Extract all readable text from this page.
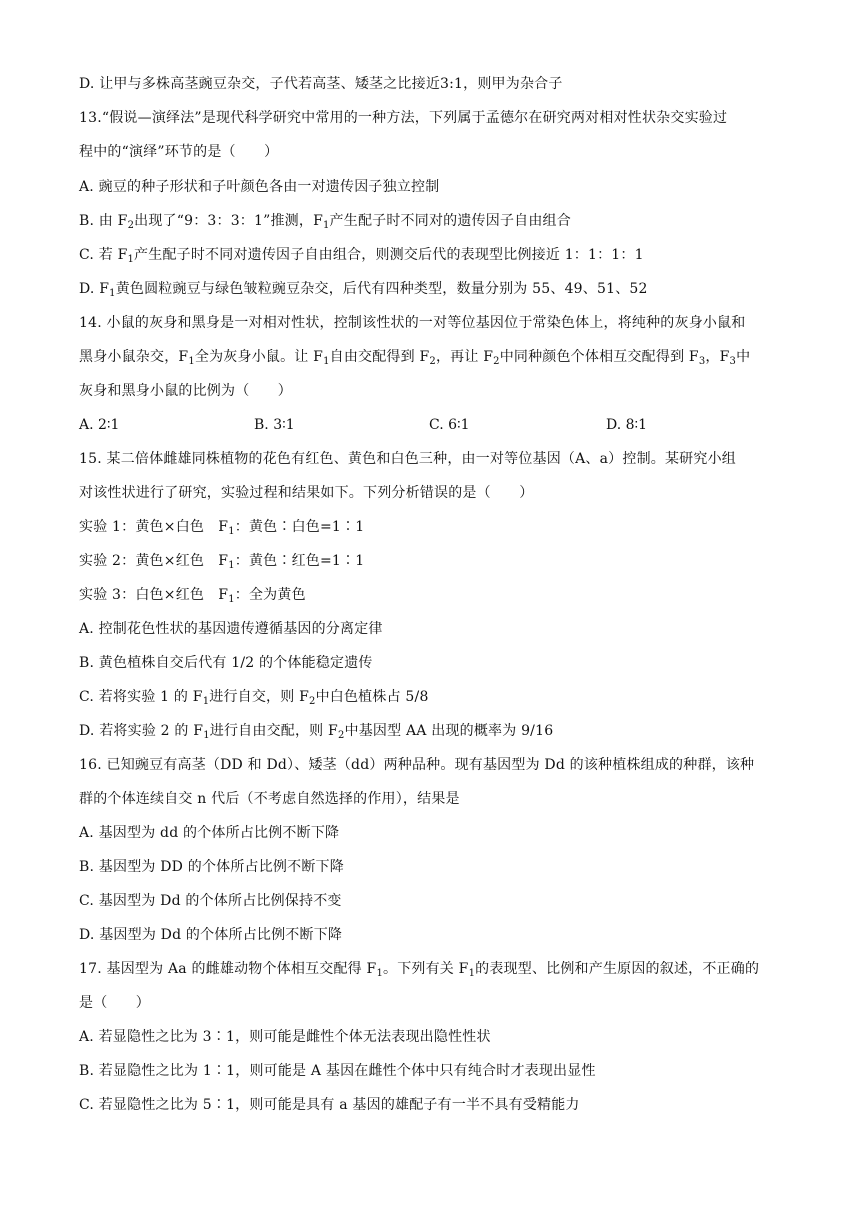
D. 让甲与多株高茎豌豆杂交，子代若高茎、矮茎之比接近3:1，则甲为杂合子
13.“假说—演绎法”是现代科学研究中常用的一种方法，下列属于孟德尔在研究两对相对性状杂交实验过
程中的“演绎”环节的是（　　）
A. 豌豆的种子形状和子叶颜色各由一对遗传因子独立控制
B. 由 $F_2$出现了“9：3：3：1”推测，$F_1$产生配子时不同对的遗传因子自由组合
C. 若 $F_1$产生配子时不同对遗传因子自由组合，则测交后代的表现型比例接近 1：1：1：1
D. $F_1$黄色圆粒豌豆与绿色皱粒豌豆杂交，后代有四种类型，数量分别为 55、49、51、52
14. 小鼠的灰身和黑身是一对相对性状，控制该性状的一对等位基因位于常染色体上，将纯种的灰身小鼠和
黑身小鼠杂交，$F_1$全为灰身小鼠。让 $F_1$自由交配得到 $F_2$，再让 $F_2$中同种颜色个体相互交配得到 $F_3$，$F_3$中
灰身和黑身小鼠的比例为（　　）
A. 2∶1	B. 3∶1	C. 6∶1	D. 8∶1
15. 某二倍体雌雄同株植物的花色有红色、黄色和白色三种，由一对等位基因（A、a）控制。某研究小组
对该性状进行了研究，实验过程和结果如下。下列分析错误的是（　　）
实验 1：黄色×白色　$F_1$：黄色∶白色=1∶1
实验 2：黄色×红色　$F_1$：黄色∶红色=1∶1
实验 3：白色×红色　$F_1$：全为黄色
A. 控制花色性状的基因遗传遵循基因的分离定律
B. 黄色植株自交后代有 1/2 的个体能稳定遗传
C. 若将实验 1 的 $F_1$进行自交，则 $F_2$中白色植株占 5/8
D. 若将实验 2 的 $F_1$进行自由交配，则 $F_2$中基因型 AA 出现的概率为 9/16
16. 已知豌豆有高茎（DD 和 Dd）、矮茎（dd）两种品种。现有基因型为 Dd 的该种植株组成的种群，该种
群的个体连续自交 n 代后（不考虑自然选择的作用），结果是
A. 基因型为 dd 的个体所占比例不断下降
B. 基因型为 DD 的个体所占比例不断下降
C. 基因型为 Dd 的个体所占比例保持不变
D. 基因型为 Dd 的个体所占比例不断下降
17. 基因型为 Aa 的雌雄动物个体相互交配得 $F_1$。下列有关 $F_1$的表现型、比例和产生原因的叙述，不正确的
是（　　）
A. 若显隐性之比为 3∶1，则可能是雌性个体无法表现出隐性性状
B. 若显隐性之比为 1∶1，则可能是 A 基因在雌性个体中只有纯合时才表现出显性
C. 若显隐性之比为 5∶1，则可能是具有 a 基因的雄配子有一半不具有受精能力
